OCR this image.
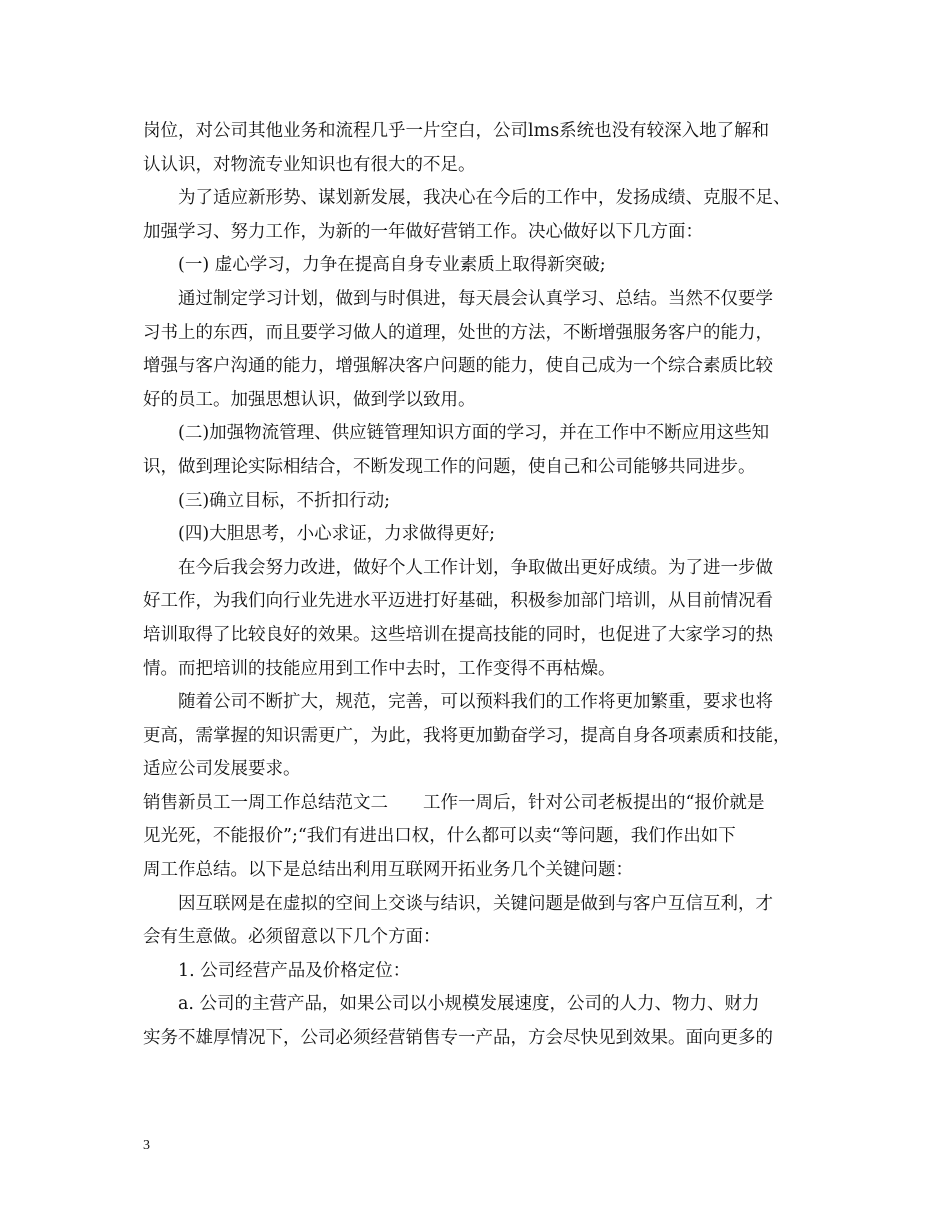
岗位，对公司其他业务和流程几乎一片空白，公司lms系统也没有较深入地了解和
认认识，对物流专业知识也有很大的不足。
　　为了适应新形势、谋划新发展，我决心在今后的工作中，发扬成绩、克服不足、
加强学习、努力工作，为新的一年做好营销工作。决心做好以下几方面：
　　(一) 虚心学习，力争在提高自身专业素质上取得新突破;
　　通过制定学习计划，做到与时俱进，每天晨会认真学习、总结。当然不仅要学
习书上的东西，而且要学习做人的道理，处世的方法，不断增强服务客户的能力，
增强与客户沟通的能力，增强解决客户问题的能力，使自己成为一个综合素质比较
好的员工。加强思想认识，做到学以致用。
　　(二)加强物流管理、供应链管理知识方面的学习，并在工作中不断应用这些知
识，做到理论实际相结合，不断发现工作的问题，使自己和公司能够共同进步。
　　(三)确立目标，不折扣行动;
　　(四)大胆思考，小心求证，力求做得更好;
　　在今后我会努力改进，做好个人工作计划，争取做出更好成绩。为了进一步做
好工作，为我们向行业先进水平迈进打好基础，积极参加部门培训，从目前情况看
培训取得了比较良好的效果。这些培训在提高技能的同时，也促进了大家学习的热
情。而把培训的技能应用到工作中去时，工作变得不再枯燥。
　　随着公司不断扩大，规范，完善，可以预料我们的工作将更加繁重，要求也将
更高，需掌握的知识需更广，为此，我将更加勤奋学习，提高自身各项素质和技能，
适应公司发展要求。
销售新员工一周工作总结范文二　　工作一周后，针对公司老板提出的“报价就是
见光死，不能报价”;“我们有进出口权，什么都可以卖“等问题，我们作出如下
周工作总结。以下是总结出利用互联网开拓业务几个关键问题：
　　因互联网是在虚拟的空间上交谈与结识，关键问题是做到与客户互信互利，才
会有生意做。必须留意以下几个方面：
　　1. 公司经营产品及价格定位：
　　a. 公司的主营产品，如果公司以小规模发展速度，公司的人力、物力、财力
实务不雄厚情况下，公司必须经营销售专一产品，方会尽快见到效果。面向更多的
3
